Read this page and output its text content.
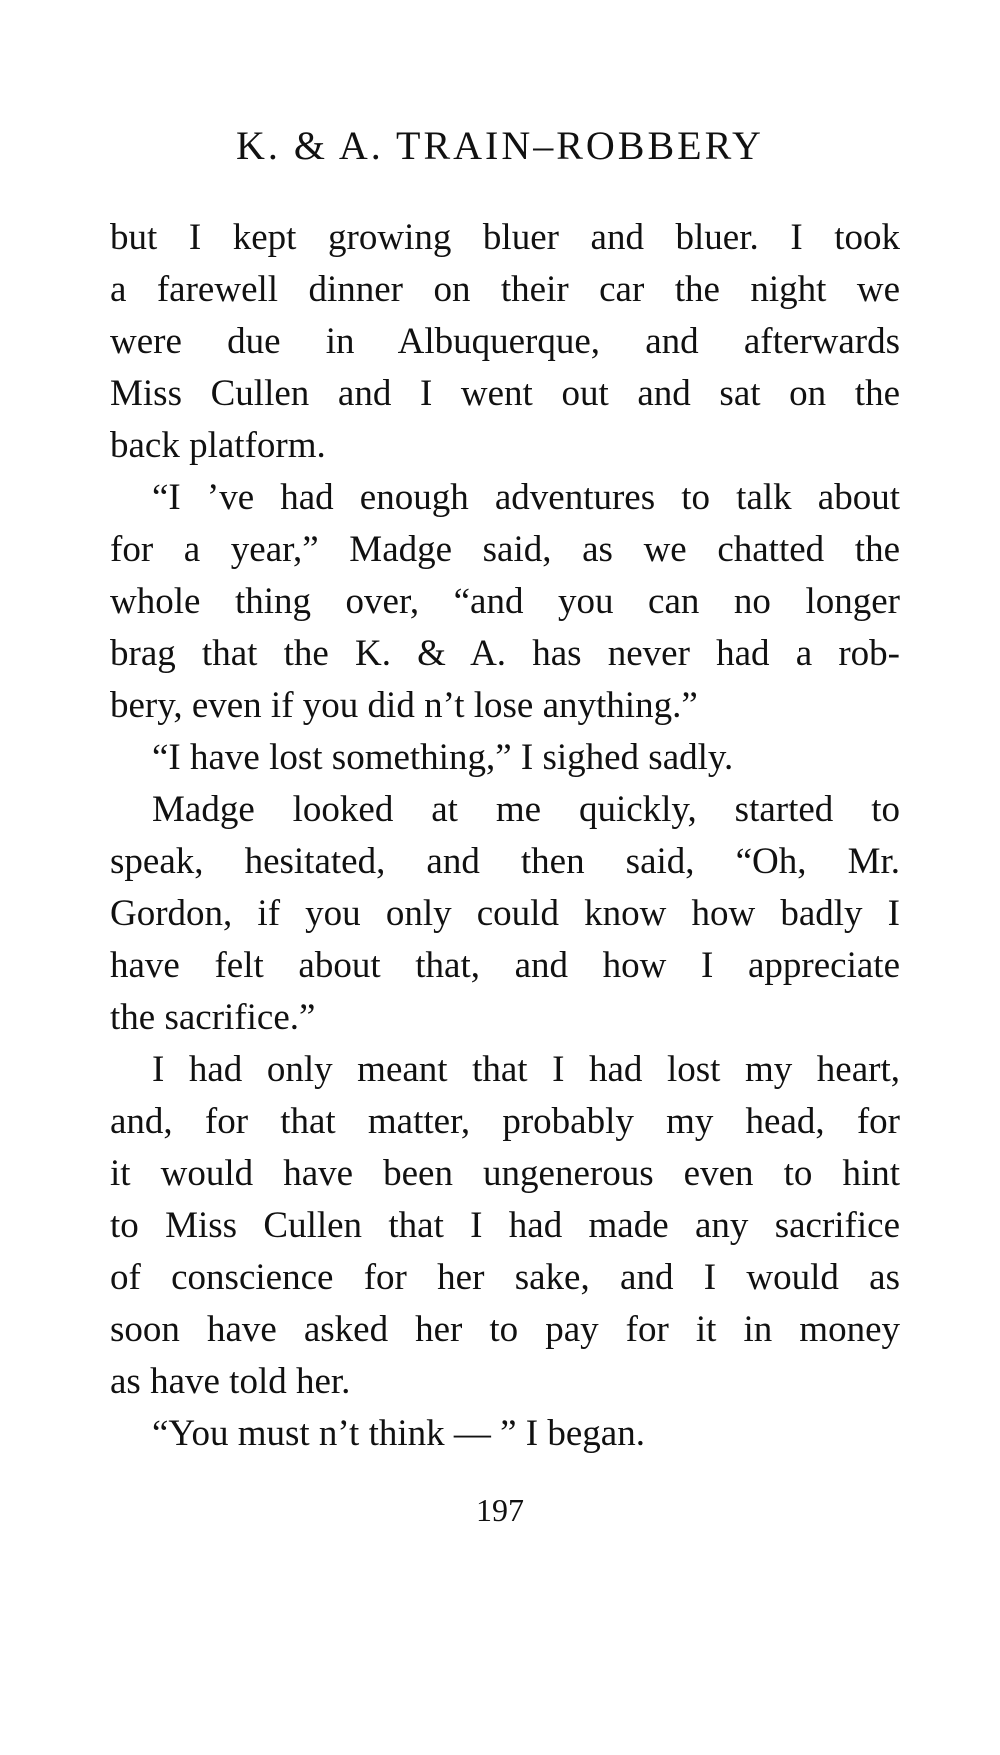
K. & A. TRAIN–ROBBERY
but I kept growing bluer and bluer. I took
a farewell dinner on their car the night we
were due in Albuquerque, and afterwards
Miss Cullen and I went out and sat on the
back platform.
“I ’ve had enough adventures to talk about
for a year,” Madge said, as we chatted the
whole thing over, “and you can no longer
brag that the K. & A. has never had a rob-
bery, even if you did n’t lose anything.”
“I have lost something,” I sighed sadly.
Madge looked at me quickly, started to
speak, hesitated, and then said, “Oh, Mr.
Gordon, if you only could know how badly I
have felt about that, and how I appreciate
the sacrifice.”
I had only meant that I had lost my heart,
and, for that matter, probably my head, for
it would have been ungenerous even to hint
to Miss Cullen that I had made any sacrifice
of conscience for her sake, and I would as
soon have asked her to pay for it in money
as have told her.
“You must n’t think — ” I began.
197
